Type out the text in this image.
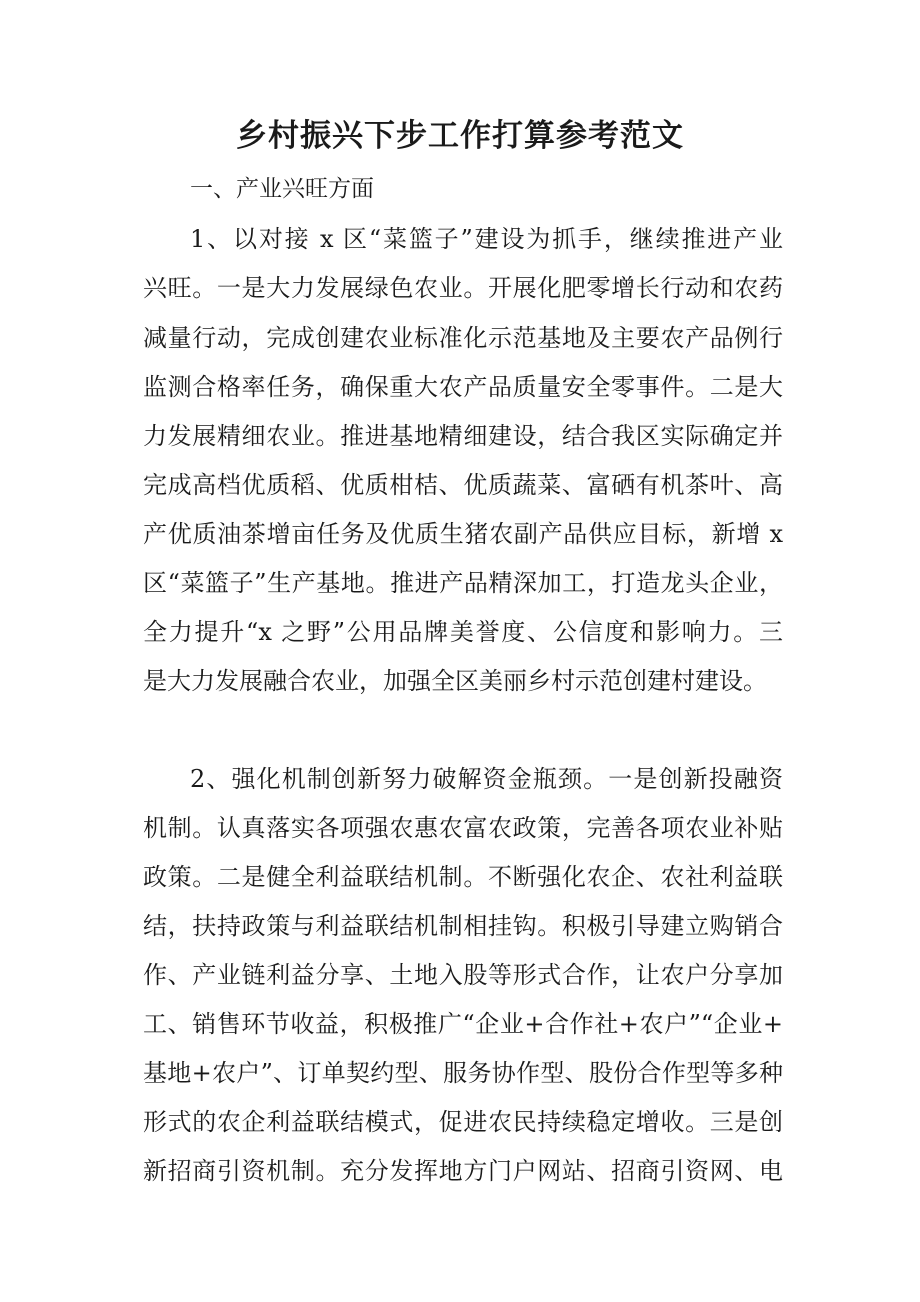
乡村振兴下步工作打算参考范文
一、产业兴旺方面
1、以对接 x 区“菜篮子”建设为抓手，继续推进产业
兴旺。一是大力发展绿色农业。开展化肥零增长行动和农药
减量行动，完成创建农业标准化示范基地及主要农产品例行
监测合格率任务，确保重大农产品质量安全零事件。二是大
力发展精细农业。推进基地精细建设，结合我区实际确定并
完成高档优质稻、优质柑桔、优质蔬菜、富硒有机茶叶、高
产优质油茶增亩任务及优质生猪农副产品供应目标，新增 x
区“菜篮子”生产基地。推进产品精深加工，打造龙头企业，
全力提升“x 之野”公用品牌美誉度、公信度和影响力。三
是大力发展融合农业，加强全区美丽乡村示范创建村建设。
2、强化机制创新努力破解资金瓶颈。一是创新投融资
机制。认真落实各项强农惠农富农政策，完善各项农业补贴
政策。二是健全利益联结机制。不断强化农企、农社利益联
结，扶持政策与利益联结机制相挂钩。积极引导建立购销合
作、产业链利益分享、土地入股等形式合作，让农户分享加
工、销售环节收益，积极推广“企业+合作社+农户”“企业+
基地+农户”、订单契约型、服务协作型、股份合作型等多种
形式的农企利益联结模式，促进农民持续稳定增收。三是创
新招商引资机制。充分发挥地方门户网站、招商引资网、电
